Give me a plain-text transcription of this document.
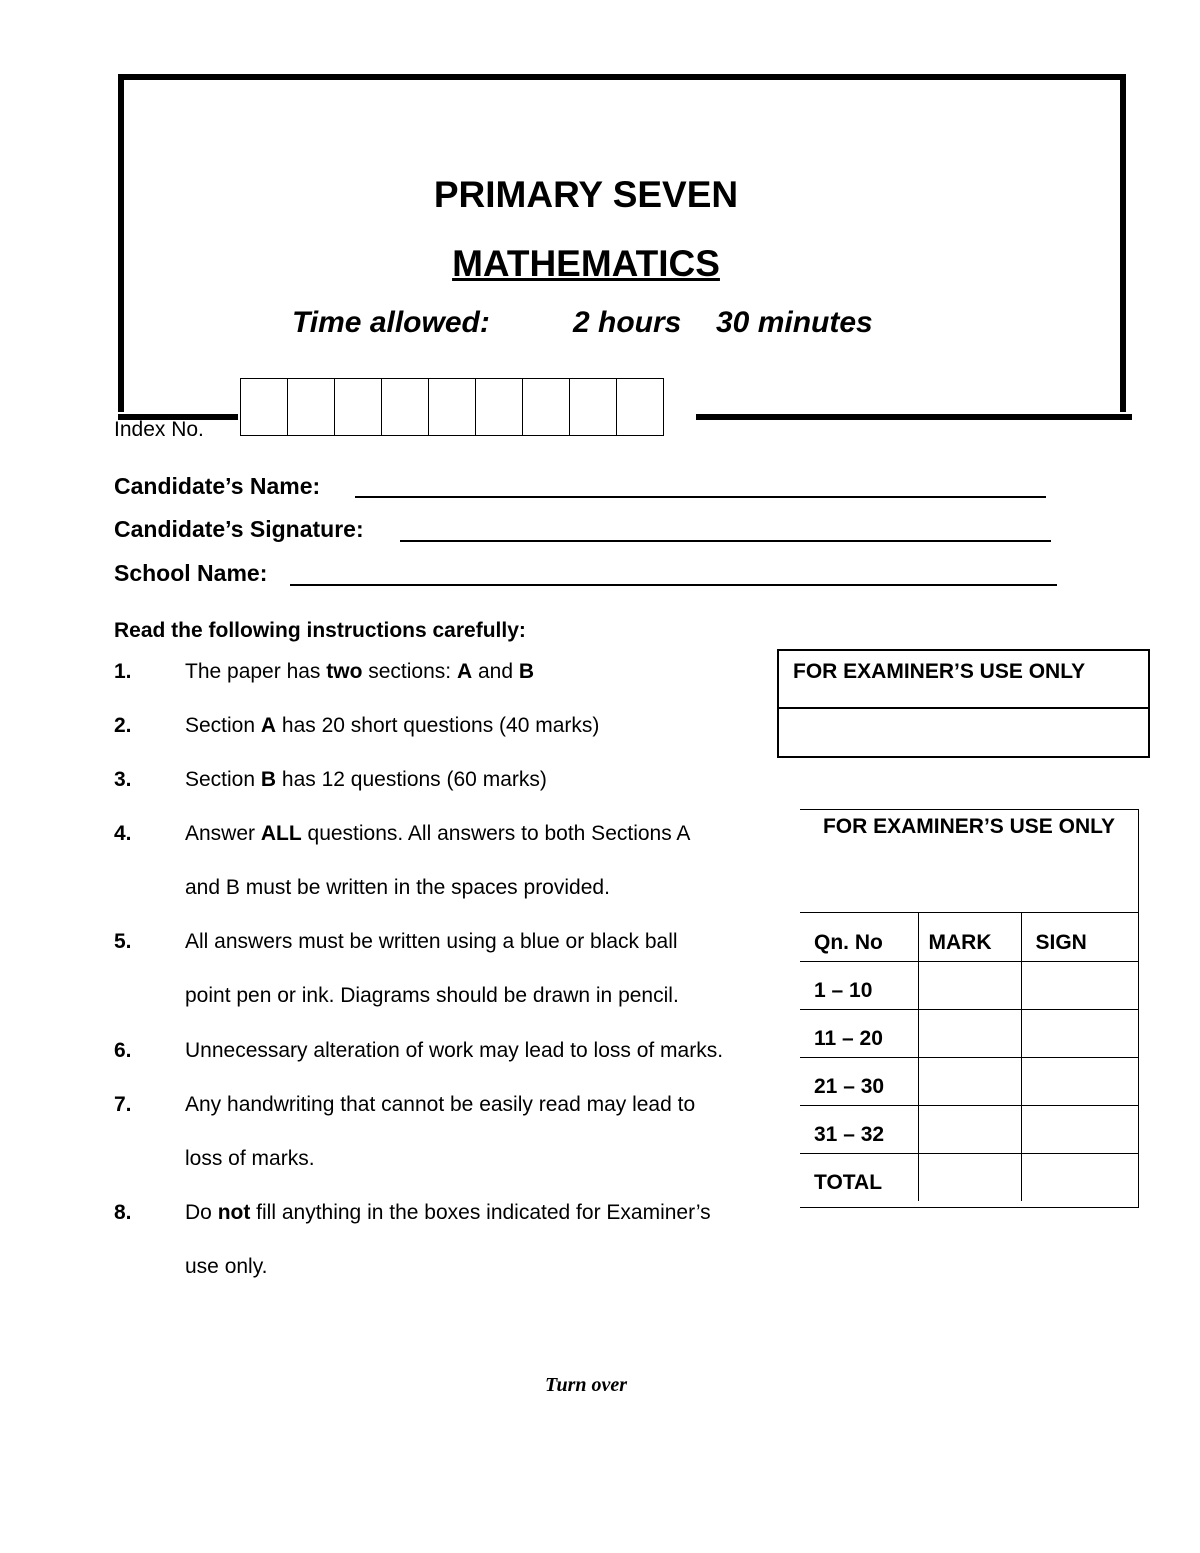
PRIMARY SEVEN
MATHEMATICS
Time allowed:	2 hours 30 minutes
Index No.
Candidate’s Name:
Candidate’s Signature:
School Name:
Read the following instructions carefully:
1.	The paper has two sections: A and B
2.	Section A has 20 short questions (40 marks)
3.	Section B has 12 questions (60 marks)
4.	Answer ALL questions. All answers to both Sections A
and B must be written in the spaces provided.
5.	All answers must be written using a blue or black ball
point pen or ink. Diagrams should be drawn in pencil.
6.	Unnecessary alteration of work may lead to loss of marks.
7.	Any handwriting that cannot be easily read may lead to
loss of marks.
8.	Do not fill anything in the boxes indicated for Examiner’s
use only.
FOR EXAMINER’S USE ONLY
FOR EXAMINER’S USE ONLY
Qn. No	MARK	SIGN
1 – 10		
11 – 20		
21 – 30		
31 – 32		
TOTAL		
Turn over
